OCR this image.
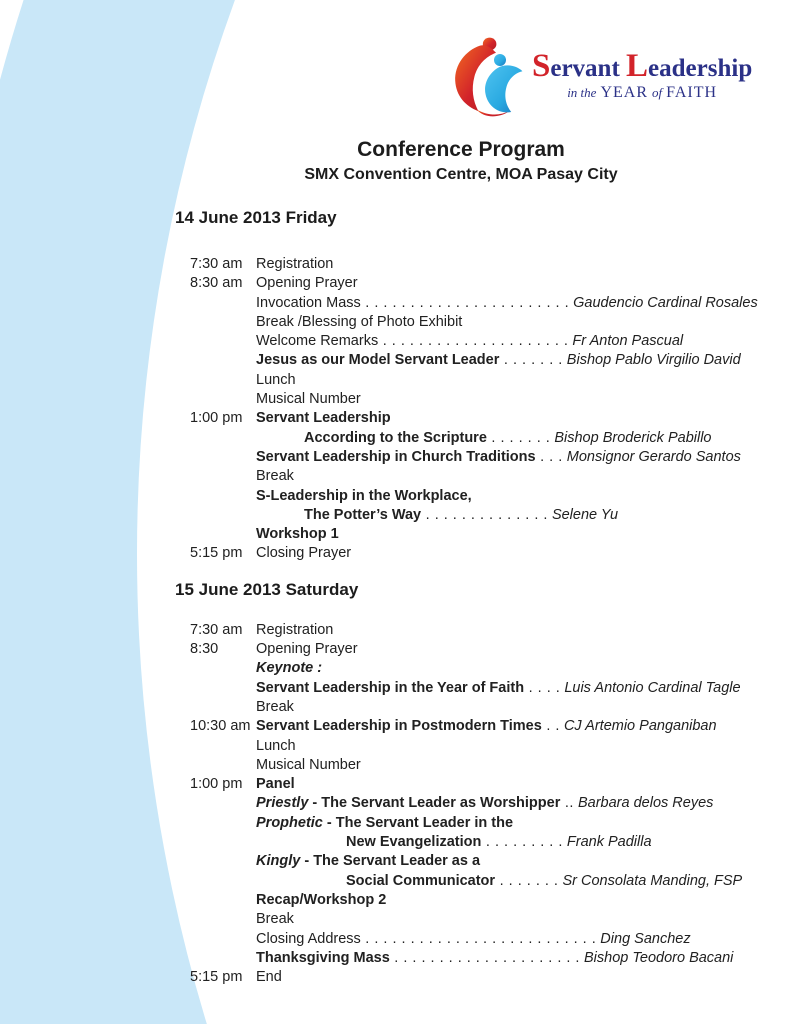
Servant Leadership
in the YEAR of FAITH
Conference Program
SMX Convention Centre, MOA Pasay City
14 June 2013 Friday
7:30 am Registration
8:30 am Opening Prayer
Invocation Mass . . . . . . . . . . . . . . . . . . . . . . . Gaudencio Cardinal Rosales
Break /Blessing of Photo Exhibit
Welcome Remarks . . . . . . . . . . . . . . . . . . . . . Fr Anton Pascual
Jesus as our Model Servant Leader . . . . . . . Bishop Pablo Virgilio David
Lunch
Musical Number
1:00 pm Servant Leadership
According to the Scripture . . . . . . . Bishop Broderick Pabillo
Servant Leadership in Church Traditions . . . Monsignor Gerardo Santos
Break
S-Leadership in the Workplace,
The Potter’s Way . . . . . . . . . . . . . . Selene Yu
Workshop 1
5:15 pm Closing Prayer
15 June 2013 Saturday
7:30 am Registration
8:30	Opening Prayer
Keynote :
Servant Leadership in the Year of Faith . . . . Luis Antonio Cardinal Tagle
Break
10:30 am Servant Leadership in Postmodern Times . . CJ Artemio Panganiban
Lunch
Musical Number
1:00 pm Panel
Priestly - The Servant Leader as Worshipper .. Barbara delos Reyes
Prophetic - The Servant Leader in the
New Evangelization . . . . . . . . . Frank Padilla
Kingly - The Servant Leader as a
Social Communicator . . . . . . . Sr Consolata Manding, FSP
Recap/Workshop 2
Break
Closing Address . . . . . . . . . . . . . . . . . . . . . . . . . . Ding Sanchez
Thanksgiving Mass . . . . . . . . . . . . . . . . . . . . . Bishop Teodoro Bacani
5:15 pm End
